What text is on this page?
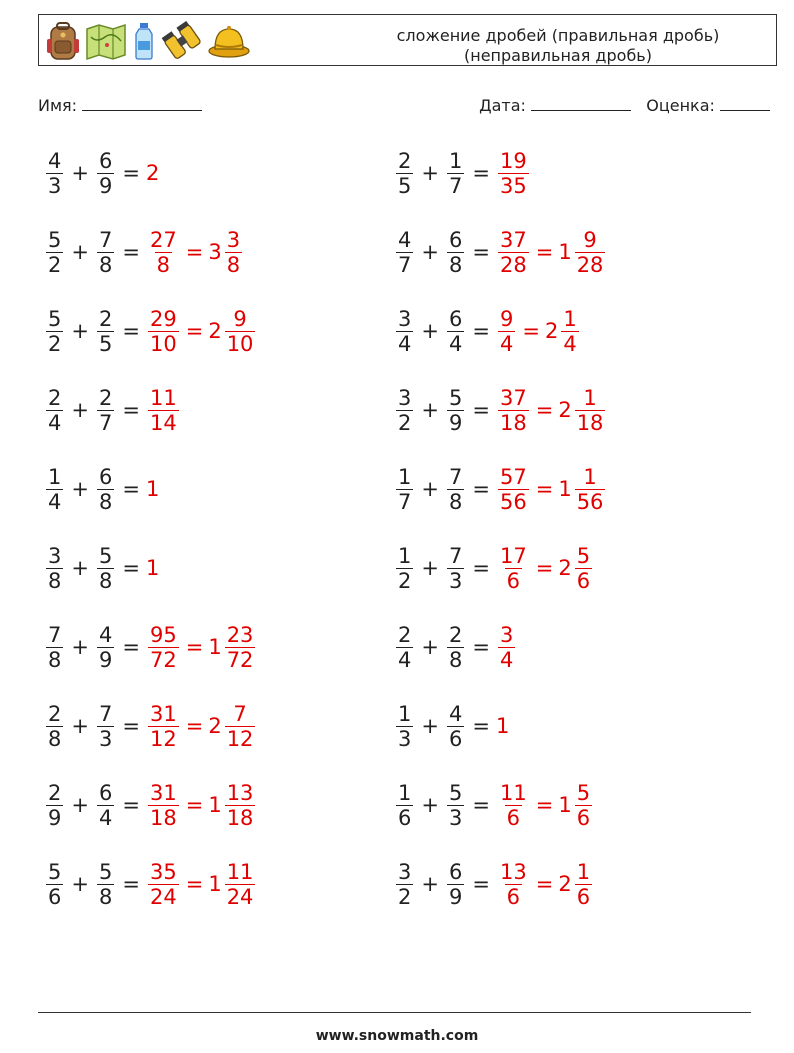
сложение дробей (правильная дробь)
(неправильная дробь)
Имя:	Дата:	Оценка:
$\frac{4}{3} + \frac{6}{9} = 2$	$\frac{2}{5} + \frac{1}{7} = \frac{19}{35}$
$\frac{5}{2} + \frac{7}{8} = \frac{27}{8} = 3 \frac{3}{8}$	$\frac{4}{7} + \frac{6}{8} = \frac{37}{28} = 1 \frac{9}{28}$
$\frac{5}{2} + \frac{2}{5} = \frac{29}{10} = 2 \frac{9}{10}$	$\frac{3}{4} + \frac{6}{4} = \frac{9}{4} = 2 \frac{1}{4}$
$\frac{2}{4} + \frac{2}{7} = \frac{11}{14}$	$\frac{3}{2} + \frac{5}{9} = \frac{37}{18} = 2 \frac{1}{18}$
$\frac{1}{4} + \frac{6}{8} = 1$	$\frac{1}{7} + \frac{7}{8} = \frac{57}{56} = 1 \frac{1}{56}$
$\frac{3}{8} + \frac{5}{8} = 1$	$\frac{1}{2} + \frac{7}{3} = \frac{17}{6} = 2 \frac{5}{6}$
$\frac{7}{8} + \frac{4}{9} = \frac{95}{72} = 1 \frac{23}{72}$	$\frac{2}{4} + \frac{2}{8} = \frac{3}{4}$
$\frac{2}{8} + \frac{7}{3} = \frac{31}{12} = 2 \frac{7}{12}$	$\frac{1}{3} + \frac{4}{6} = 1$
$\frac{2}{9} + \frac{6}{4} = \frac{31}{18} = 1 \frac{13}{18}$	$\frac{1}{6} + \frac{5}{3} = \frac{11}{6} = 1 \frac{5}{6}$
$\frac{5}{6} + \frac{5}{8} = \frac{35}{24} = 1 \frac{11}{24}$	$\frac{3}{2} + \frac{6}{9} = \frac{13}{6} = 2 \frac{1}{6}$
www.snowmath.com
